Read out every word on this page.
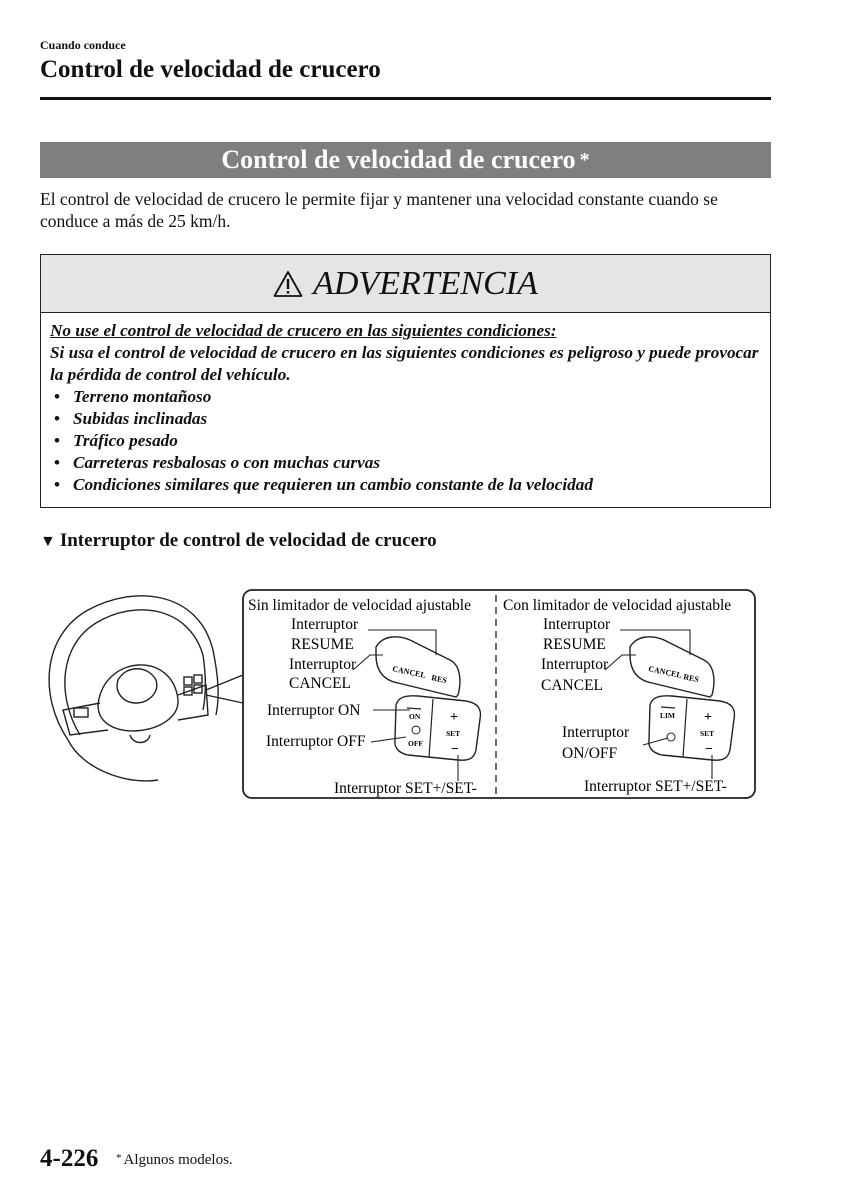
Cuando conduce
Control de velocidad de crucero
Control de velocidad de crucero *

El control de velocidad de crucero le permite fijar y mantener una velocidad constante cuando se conduce a más de 25 km/h.

ADVERTENCIA

No use el control de velocidad de crucero en las siguientes condiciones:

Si usa el control de velocidad de crucero en las siguientes condiciones es peligroso y puede provocar la pérdida de control del vehículo.

• Terreno montañoso
• Subidas inclinadas
• Tráfico pesado
• Carreteras resbalosas o con muchas curvas
• Condiciones similares que requieren un cambio constante de la velocidad
▼ Interruptor de control de velocidad de crucero
Sin limitador de velocidad ajustable
Interruptor
RESUME
Interruptor
CANCEL
Interruptor ON
Interruptor OFF
Interruptor SET+/SET-
CANCEL RES
ON
OFF
+
SET
−
Con limitador de velocidad ajustable
Interruptor
RESUME
Interruptor
CANCEL
Interruptor
ON/OFF
Interruptor SET+/SET-
CANCEL RES
LIM +
SET
−
4-226 * Algunos modelos.
